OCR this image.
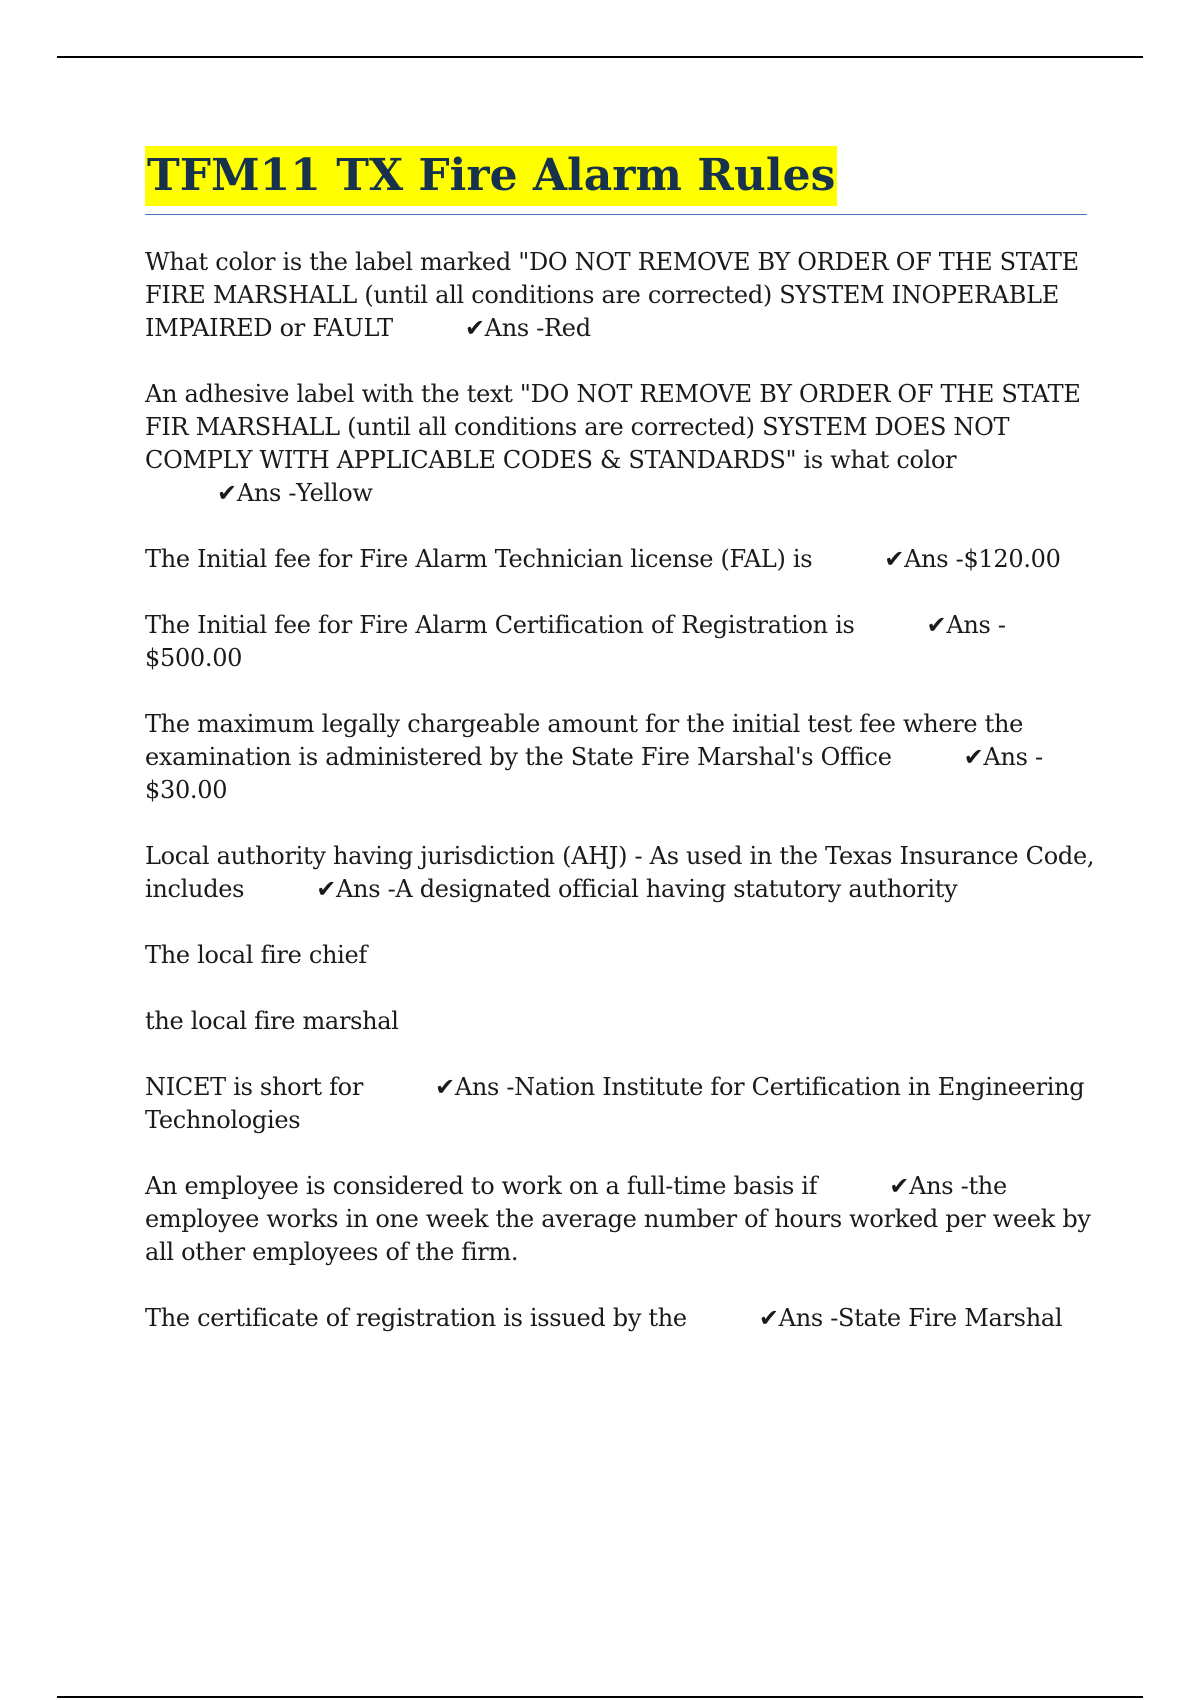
TFM11 TX Fire Alarm Rules

What color is the label marked "DO NOT REMOVE BY ORDER OF THE STATE FIRE MARSHALL (until all conditions are corrected) SYSTEM INOPERABLE IMPAIRED or FAULT	✔Ans -Red

An adhesive label with the text "DO NOT REMOVE BY ORDER OF THE STATE FIR MARSHALL (until all conditions are corrected) SYSTEM DOES NOT COMPLY WITH APPLICABLE CODES & STANDARDS" is what color✔Ans -Yellow

The Initial fee for Fire Alarm Technician license (FAL) is	✔Ans -$120.00

The Initial fee for Fire Alarm Certification of Registration is	✔Ans -$500.00

The maximum legally chargeable amount for the initial test fee where the examination is administered by the State Fire Marshal's Office	✔Ans -$30.00

Local authority having jurisdiction (AHJ) - As used in the Texas Insurance Code, includes	✔Ans -A designated official having statutory authority

The local fire chief

the local fire marshal

NICET is short for	✔Ans -Nation Institute for Certification in Engineering Technologies

An employee is considered to work on a full-time basis if	✔Ans -the employee works in one week the average number of hours worked per week by all other employees of the firm.

The certificate of registration is issued by the	✔Ans -State Fire Marshal
